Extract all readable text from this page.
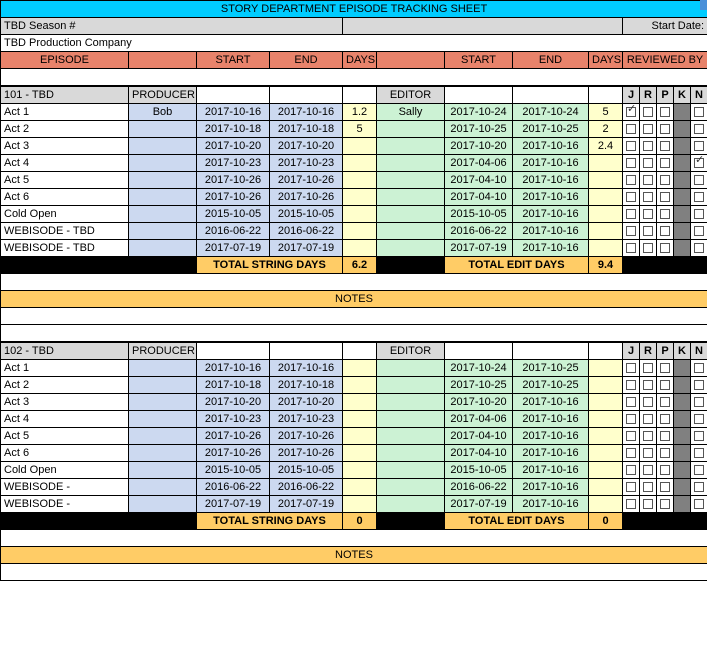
STORY DEPARTMENT EPISODE TRACKING SHEET									
TBD Season #									Start Date:
TBD Production Company									
EPISODE		START	END	DAYS		START	END	DAYS	REVIEWED BY

101 - TBD	PRODUCER				EDITOR				J	R	P	K	N
Act 1	Bob	2017-10-16	2017-10-16	1.2	Sally	2017-10-24	2017-10-24	5	✓				
Act 2		2017-10-18	2017-10-18	5		2017-10-25	2017-10-25	2					
Act 3		2017-10-20	2017-10-20			2017-10-20	2017-10-16	2.4					
Act 4		2017-10-23	2017-10-23			2017-04-06	2017-10-16						✓
Act 5		2017-10-26	2017-10-26			2017-04-10	2017-10-16						
Act 6		2017-10-26	2017-10-26			2017-04-10	2017-10-16						
Cold Open		2015-10-05	2015-10-05			2015-10-05	2017-10-16						
WEBISODE - TBD		2016-06-22	2016-06-22			2016-06-22	2017-10-16						
WEBISODE - TBD		2017-07-19	2017-07-19			2017-07-19	2017-10-16						
		TOTAL STRING DAYS		6.2		TOTAL EDIT DAYS		9.4					

NOTES													

102 - TBD	PRODUCER				EDITOR				J	R	P	K	N
Act 1		2017-10-16	2017-10-16			2017-10-24	2017-10-25						
Act 2		2017-10-18	2017-10-18			2017-10-25	2017-10-25						
Act 3		2017-10-20	2017-10-20			2017-10-20	2017-10-16						
Act 4		2017-10-23	2017-10-23			2017-04-06	2017-10-16						
Act 5		2017-10-26	2017-10-26			2017-04-10	2017-10-16						
Act 6		2017-10-26	2017-10-26			2017-04-10	2017-10-16						
Cold Open		2015-10-05	2015-10-05			2015-10-05	2017-10-16						
WEBISODE -		2016-06-22	2016-06-22			2016-06-22	2017-10-16						
WEBISODE -		2017-07-19	2017-07-19			2017-07-19	2017-10-16						
		TOTAL STRING DAYS		0		TOTAL EDIT DAYS		0					

NOTES													
